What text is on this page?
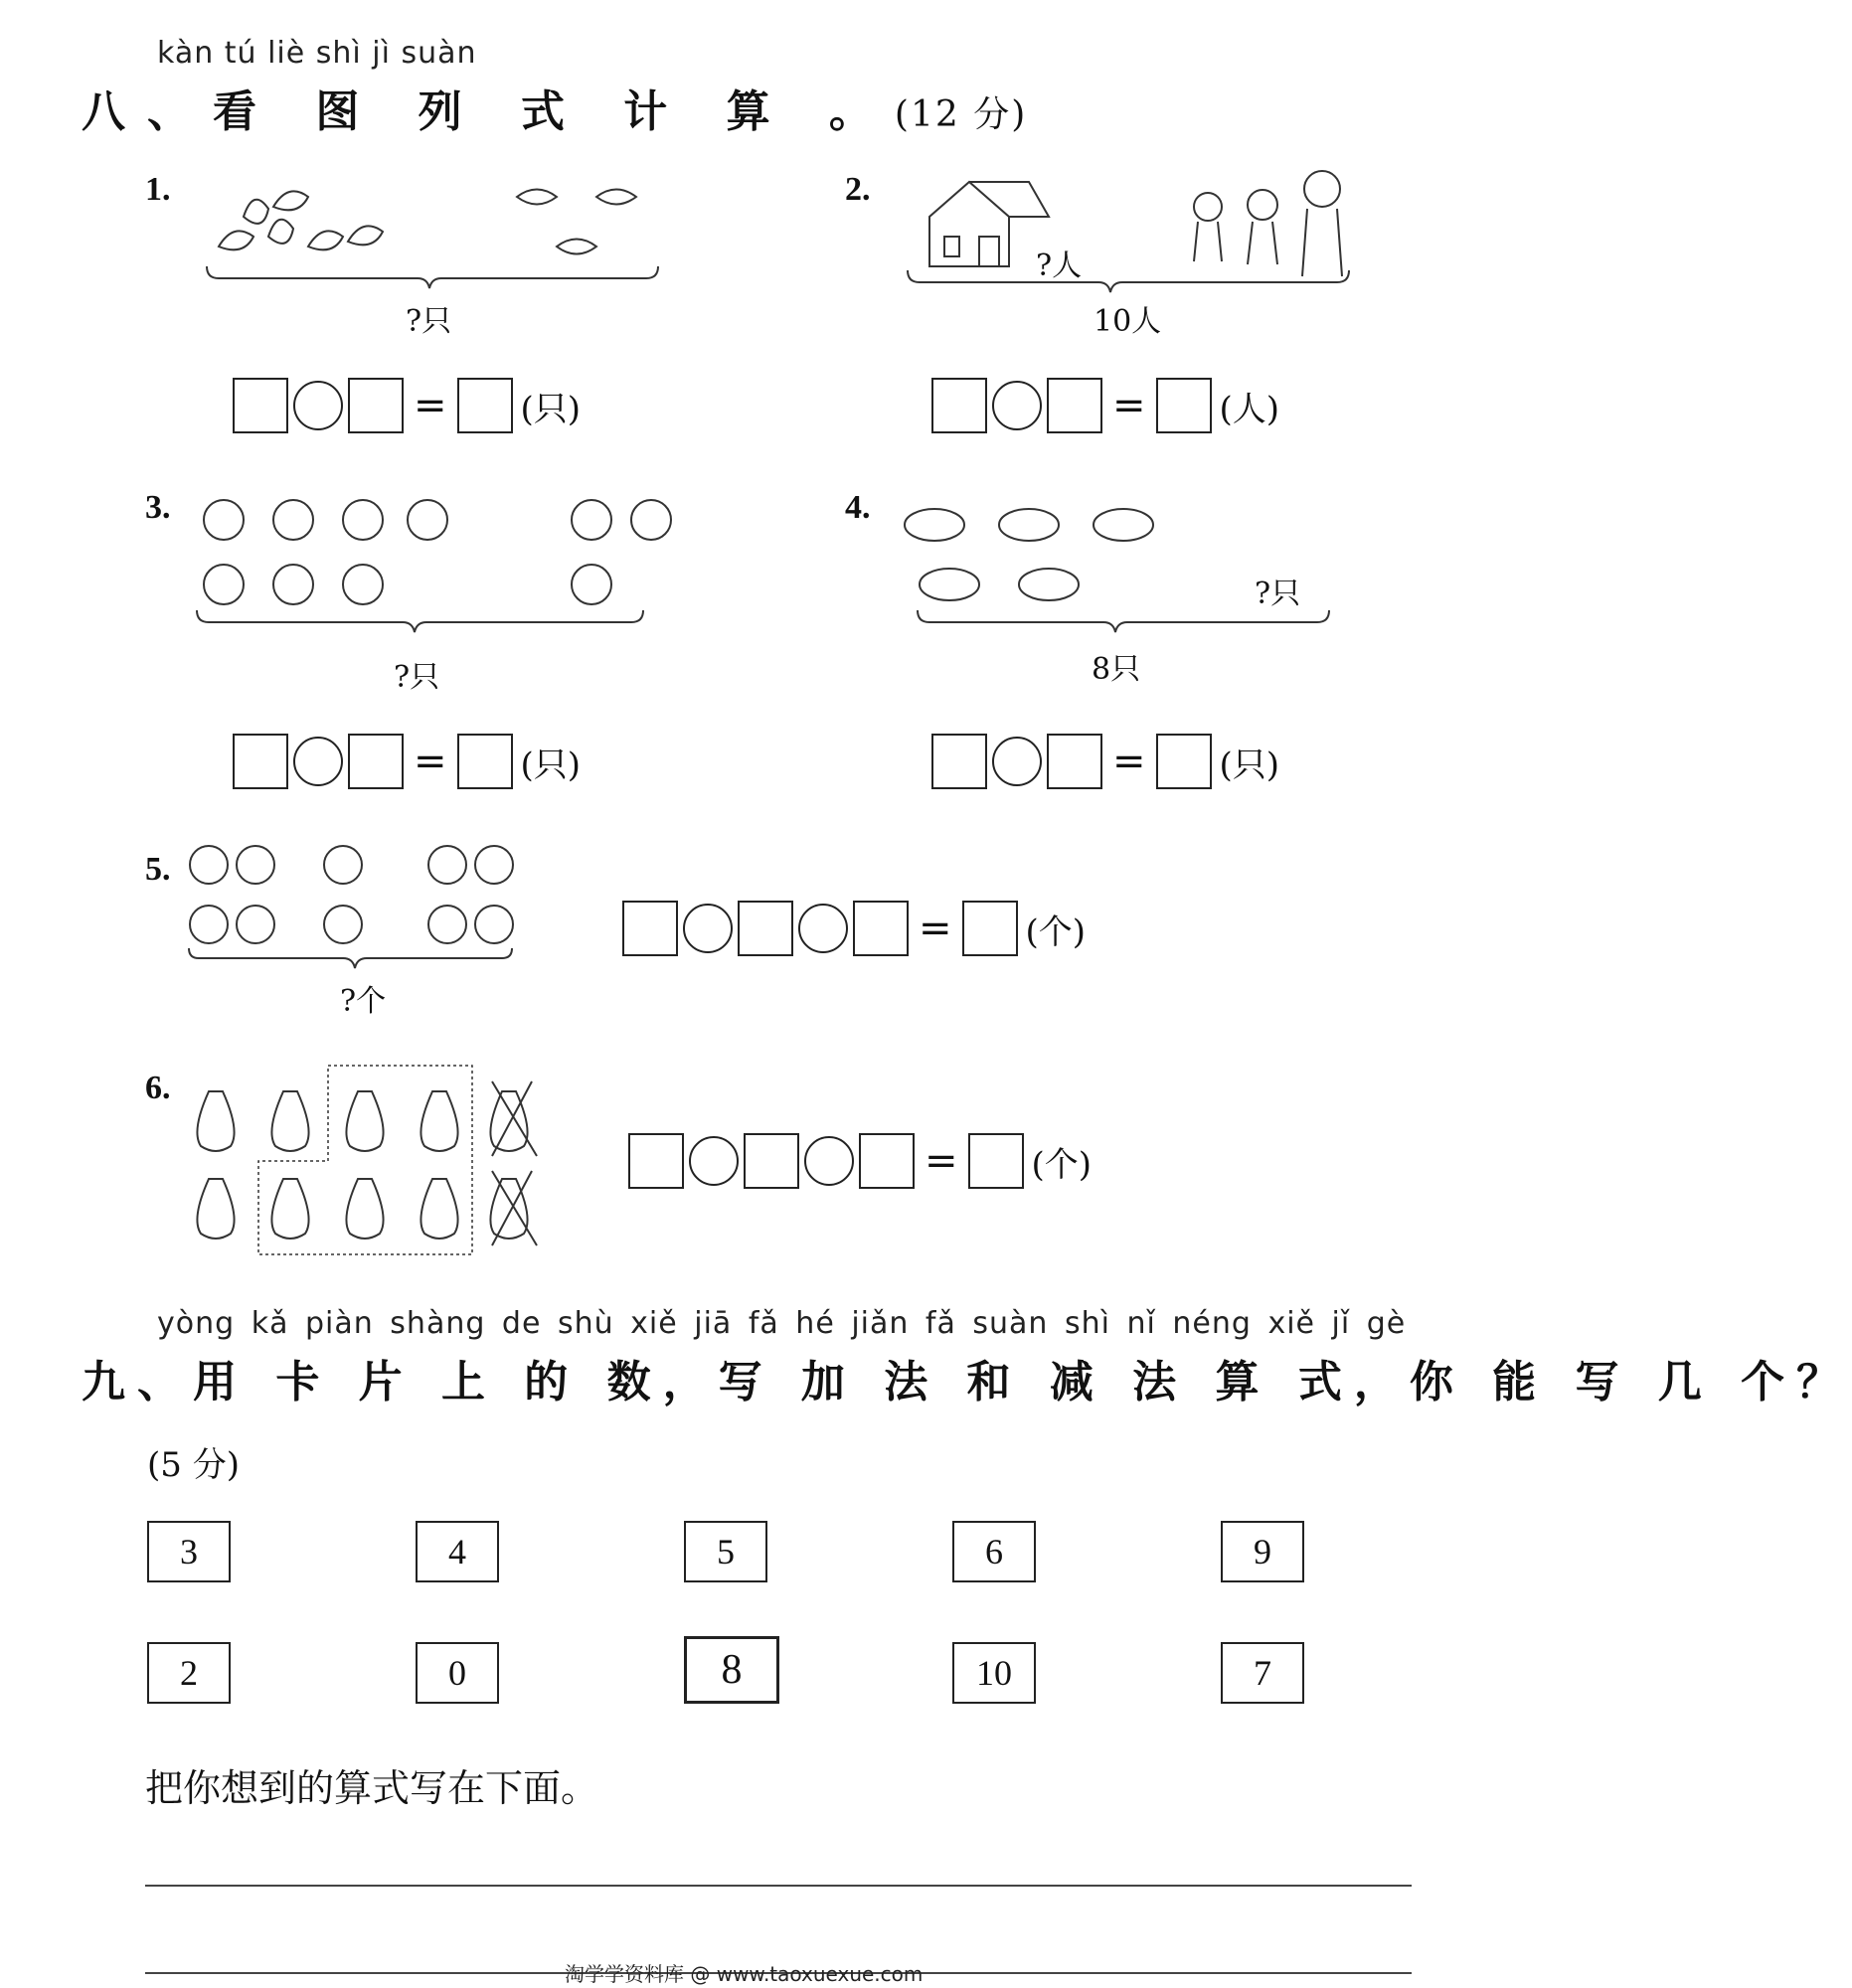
kàn tú liè shì jì suàn
八、看 图 列 式 计 算 。(12 分)
1.
?只
= (只)
2.
?人
10人
= (人)
3.
?只
= (只)
4.
?只
8只
= (只)
5.
?个
= (个)
6.
= (个)
yòng kǎ piàn shàng de shù xiě jiā fǎ hé jiǎn fǎ suàn shì nǐ néng xiě jǐ gè
九、用 卡 片 上 的 数，写 加 法 和 减 法 算 式，你 能 写 几 个？
(5 分)
3	4	5	6	9
2	0	8	10	7
把你想到的算式写在下面。
淘学学资料库 @ www.taoxuexue.com
